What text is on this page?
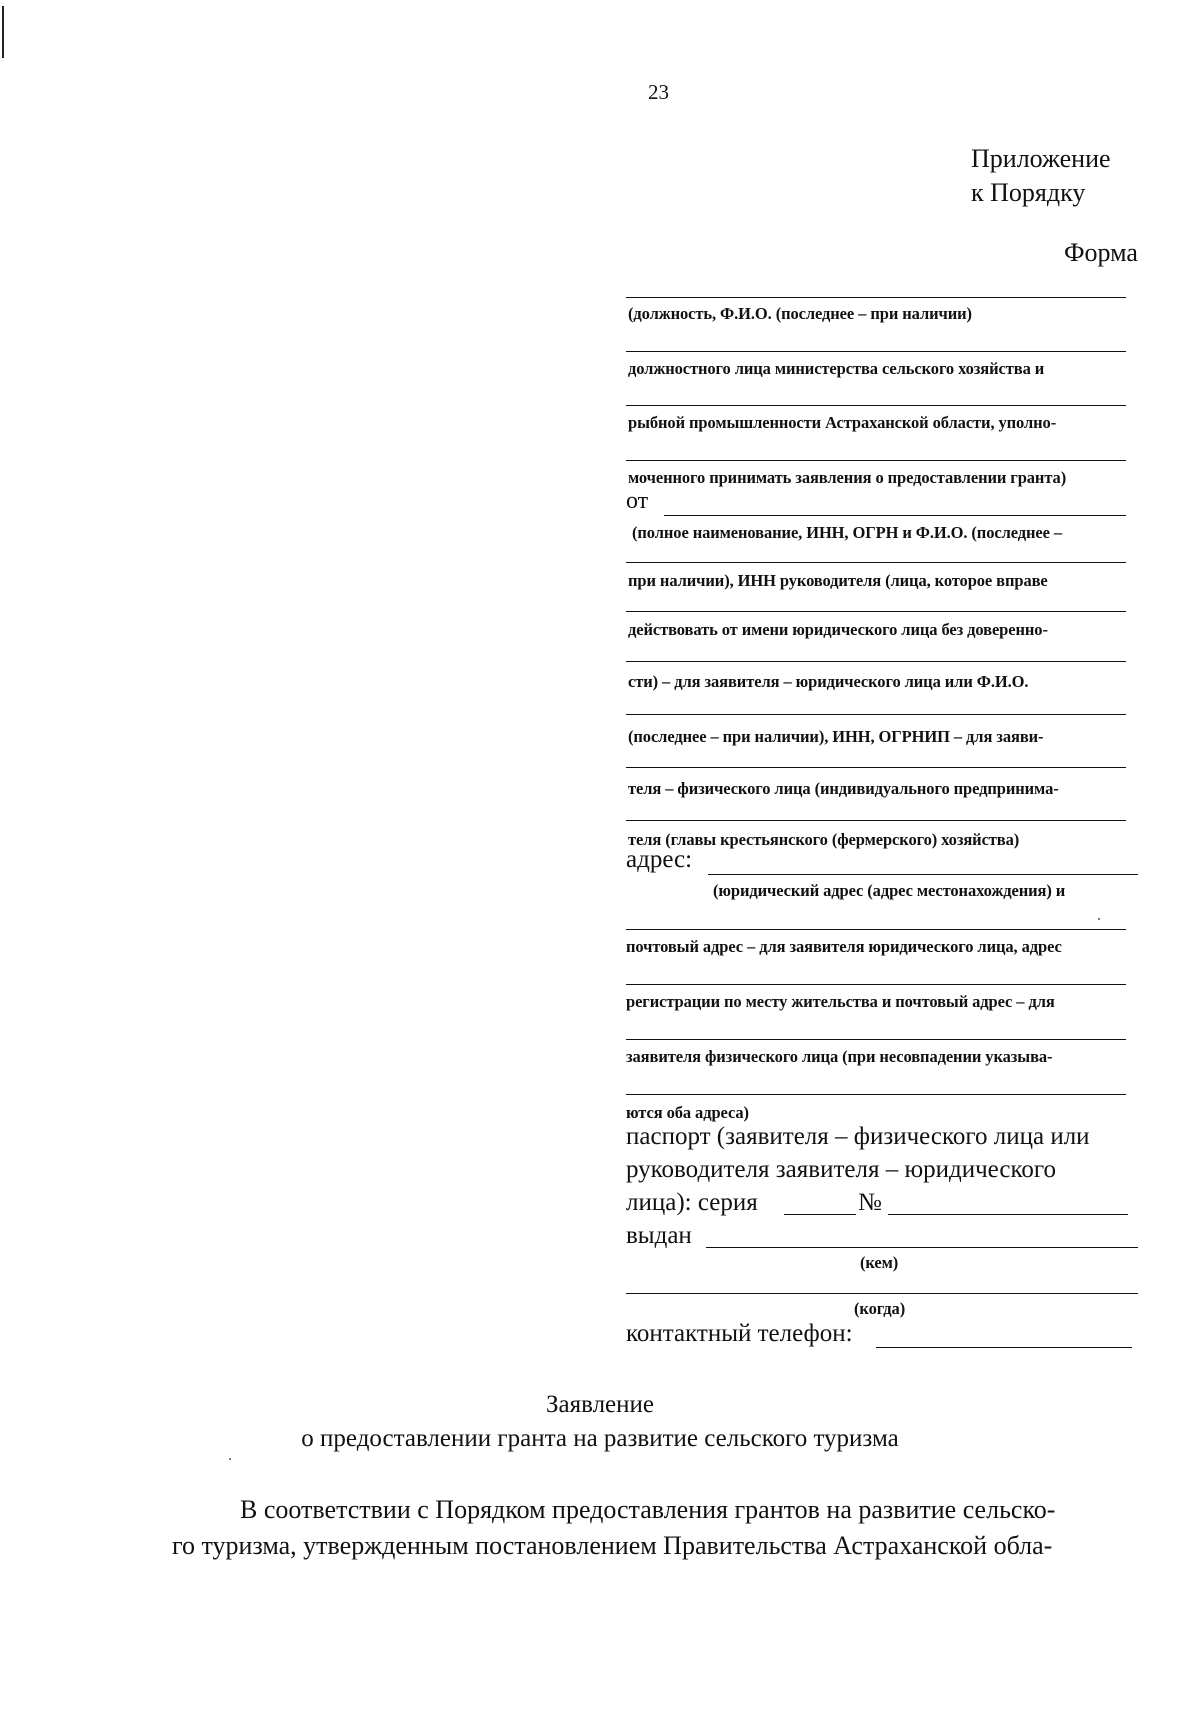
23
Приложение
к Порядку
Форма
(должность, Ф.И.О. (последнее – при наличии)
должностного лица министерства сельского хозяйства и
рыбной промышленности Астраханской области, уполно-
моченного принимать заявления о предоставлении гранта)
от
(полное наименование, ИНН, ОГРН и Ф.И.О. (последнее –
при наличии), ИНН руководителя (лица, которое вправе
действовать от имени юридического лица без доверенно-
сти) – для заявителя – юридического лица или Ф.И.О.
(последнее – при наличии), ИНН, ОГРНИП – для заяви-
теля – физического лица (индивидуального предпринима-
теля (главы крестьянского (фермерского) хозяйства)
адрес:
(юридический адрес (адрес местонахождения) и
почтовый адрес – для заявителя юридического лица, адрес
регистрации по месту жительства и почтовый адрес – для
заявителя физического лица (при несовпадении указыва-
ются оба адреса)
паспорт (заявителя – физического лица или
руководителя заявителя – юридического
лица): серия	№
выдан
(кем)
(когда)
контактный телефон:
Заявление
о предоставлении гранта на развитие сельского туризма
В соответствии с Порядком предоставления грантов на развитие сельско-
го туризма, утвержденным постановлением Правительства Астраханской обла-
